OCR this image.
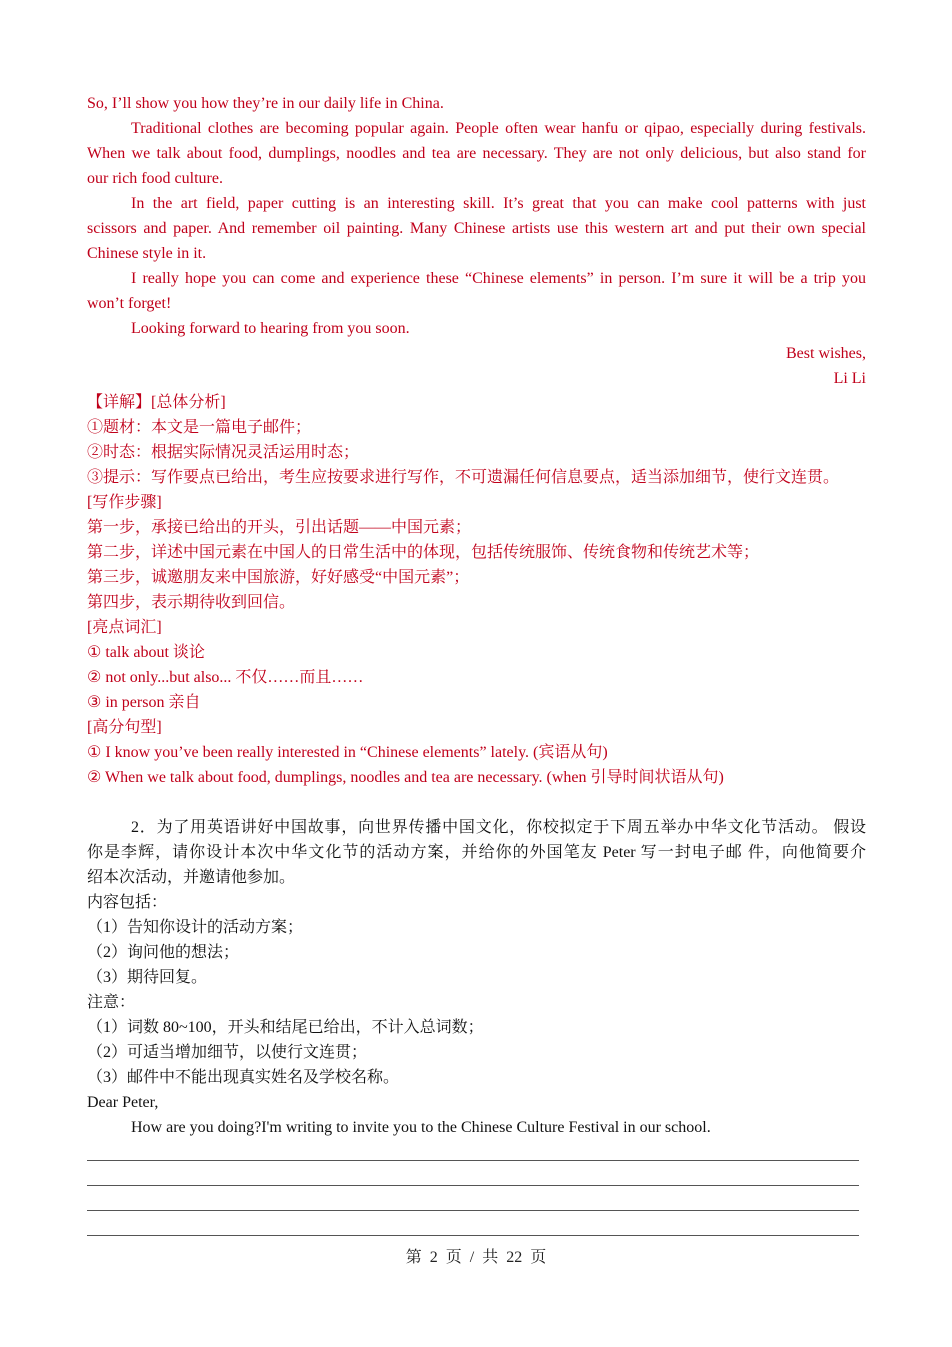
So, I’ll show you how they’re in our daily life in China.
Traditional clothes are becoming popular again. People often wear hanfu or qipao, especially during festivals.
When we talk about food, dumplings, noodles and tea are necessary. They are not only delicious, but also stand for
our rich food culture.
In the art field, paper cutting is an interesting skill. It’s great that you can make cool patterns with just
scissors and paper. And remember oil painting. Many Chinese artists use this western art and put their own special
Chinese style in it.
I really hope you can come and experience these “Chinese elements” in person. I’m sure it will be a trip you
won’t forget!
Looking forward to hearing from you soon.
Best wishes,
Li Li
【详解】[总体分析]
①题材：本文是一篇电子邮件；
②时态：根据实际情况灵活运用时态；
③提示：写作要点已给出，考生应按要求进行写作，不可遗漏任何信息要点，适当添加细节，使行文连贯。
[写作步骤]
第一步，承接已给出的开头，引出话题——中国元素；
第二步，详述中国元素在中国人的日常生活中的体现，包括传统服饰、传统食物和传统艺术等；
第三步，诚邀朋友来中国旅游，好好感受“中国元素”；
第四步，表示期待收到回信。
[亮点词汇]
① talk about 谈论
② not only...but also... 不仅……而且……
③ in person 亲自
[高分句型]
① I know you’ve been really interested in “Chinese elements” lately. (宾语从句)
② When we talk about food, dumplings, noodles and tea are necessary. (when 引导时间状语从句)
2．为了用英语讲好中国故事，向世界传播中国文化，你校拟定于下周五举办中华文化节活动。 假设
你是李辉，请你设计本次中华文化节的活动方案，并给你的外国笔友 Peter 写一封电子邮 件，向他简要介
绍本次活动，并邀请他参加。
内容包括：
（1）告知你设计的活动方案；
（2）询问他的想法；
（3）期待回复。
注意：
（1）词数 80~100，开头和结尾已给出，不计入总词数；
（2）可适当增加细节，以使行文连贯；
（3）邮件中不能出现真实姓名及学校名称。
Dear Peter,
How are you doing?I'm writing to invite you to the Chinese Culture Festival in our school.
第 2 页 / 共 22 页
